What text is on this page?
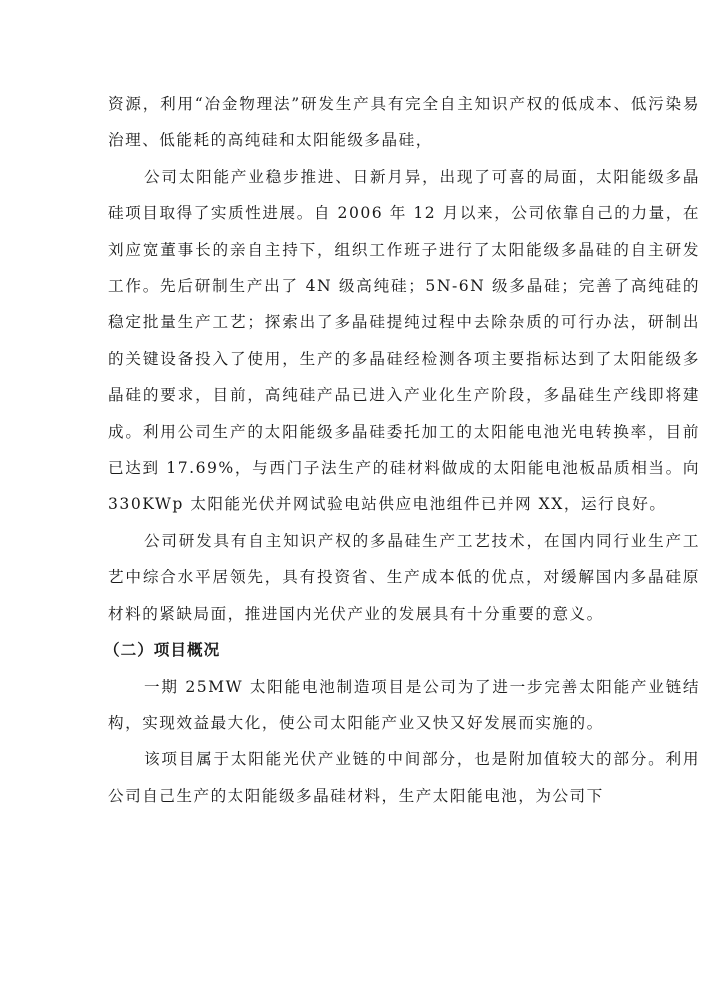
资源，利用“冶金物理法”研发生产具有完全自主知识产权的低成本、低污染易治理、低能耗的高纯硅和太阳能级多晶硅，

公司太阳能产业稳步推进、日新月异，出现了可喜的局面，太阳能级多晶硅项目取得了实质性进展。自 2006 年 12 月以来，公司依靠自己的力量，在刘应宽董事长的亲自主持下，组织工作班子进行了太阳能级多晶硅的自主研发工作。先后研制生产出了 4N 级高纯硅；5N-6N 级多晶硅；完善了高纯硅的稳定批量生产工艺；探索出了多晶硅提纯过程中去除杂质的可行办法，研制出的关键设备投入了使用，生产的多晶硅经检测各项主要指标达到了太阳能级多晶硅的要求，目前，高纯硅产品已进入产业化生产阶段，多晶硅生产线即将建成。利用公司生产的太阳能级多晶硅委托加工的太阳能电池光电转换率，目前已达到 17.69%，与西门子法生产的硅材料做成的太阳能电池板品质相当。向 330KWp 太阳能光伏并网试验电站供应电池组件已并网 XX，运行良好。

公司研发具有自主知识产权的多晶硅生产工艺技术，在国内同行业生产工艺中综合水平居领先，具有投资省、生产成本低的优点，对缓解国内多晶硅原材料的紧缺局面，推进国内光伏产业的发展具有十分重要的意义。

（二）项目概况

一期 25MW 太阳能电池制造项目是公司为了进一步完善太阳能产业链结构，实现效益最大化，使公司太阳能产业又快又好发展而实施的。

该项目属于太阳能光伏产业链的中间部分，也是附加值较大的部分。利用公司自己生产的太阳能级多晶硅材料，生产太阳能电池，为公司下
